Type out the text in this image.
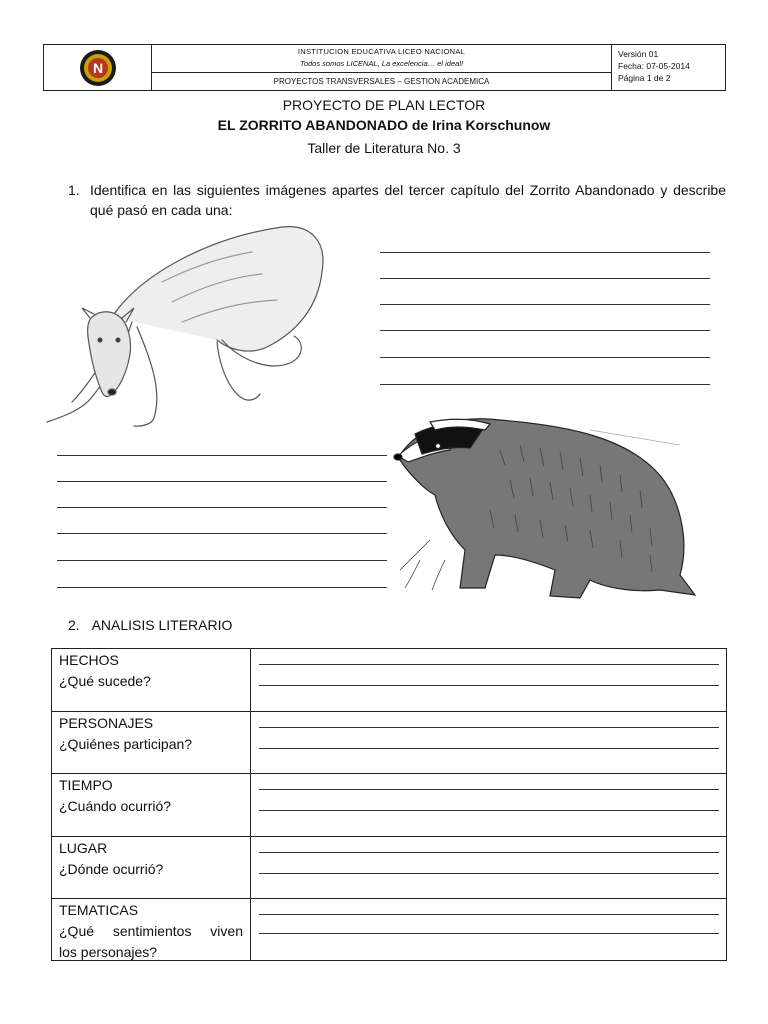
N
INSTITUCION EDUCATIVA LICEO NACIONAL
Todos somos LICENAL, La excelencia… el ideal!
PROYECTOS TRANSVERSALES – GESTION ACADEMICA
Versión 01
Fecha: 07-05-2014
Página 1 de 2
PROYECTO DE PLAN LECTOR
EL ZORRITO ABANDONADO de Irina Korschunow
Taller de Literatura No. 3
1. Identifica en las siguientes imágenes apartes del tercer capítulo del Zorrito Abandonado y describe qué pasó en cada una:
2. ANALISIS LITERARIO
HECHOS
¿Qué sucede?
PERSONAJES
¿Quiénes participan?
TIEMPO
¿Cuándo ocurrió?
LUGAR
¿Dónde ocurrió?
TEMATICAS
¿Qué sentimientos viven
los personajes?
